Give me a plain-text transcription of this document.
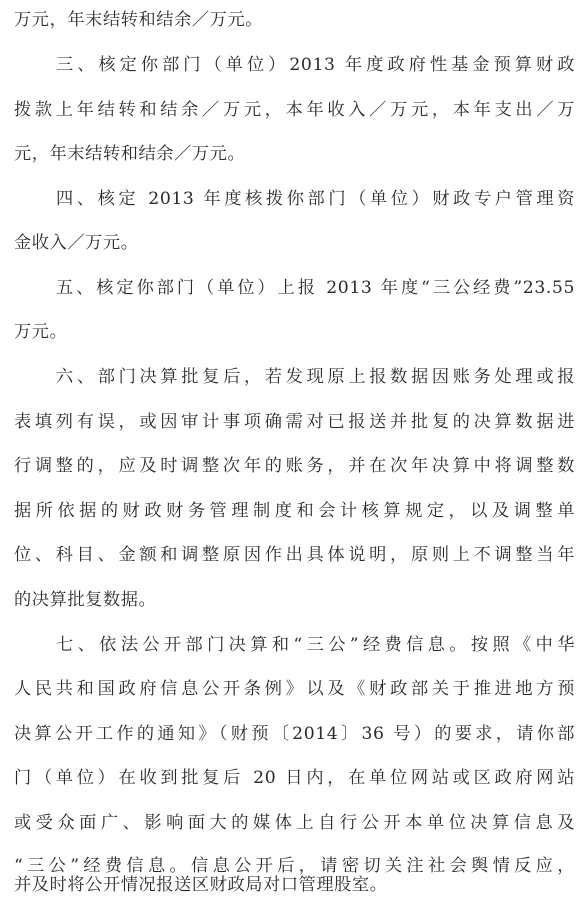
万元，年末结转和结余／万元。
三、核定你部门（单位）2013 年度政府性基金预算财政
拨款上年结转和结余／万元，本年收入／万元，本年支出／万
元，年末结转和结余／万元。
四、核定 2013 年度核拨你部门（单位）财政专户管理资
金收入／万元。
五、核定你部门（单位）上报 2013 年度“三公经费”23.55
万元。
六、部门决算批复后，若发现原上报数据因账务处理或报
表填列有误，或因审计事项确需对已报送并批复的决算数据进
行调整的，应及时调整次年的账务，并在次年决算中将调整数
据所依据的财政财务管理制度和会计核算规定，以及调整单
位、科目、金额和调整原因作出具体说明，原则上不调整当年
的决算批复数据。
七、依法公开部门决算和“三公”经费信息。按照《中华
人民共和国政府信息公开条例》以及《财政部关于推进地方预
决算公开工作的通知》（财预〔2014〕36 号）的要求，请你部
门（单位）在收到批复后 20 日内，在单位网站或区政府网站
或受众面广、影响面大的媒体上自行公开本单位决算信息及
“三公”经费信息。信息公开后，请密切关注社会舆情反应，
并及时将公开情况报送区财政局对口管理股室。
